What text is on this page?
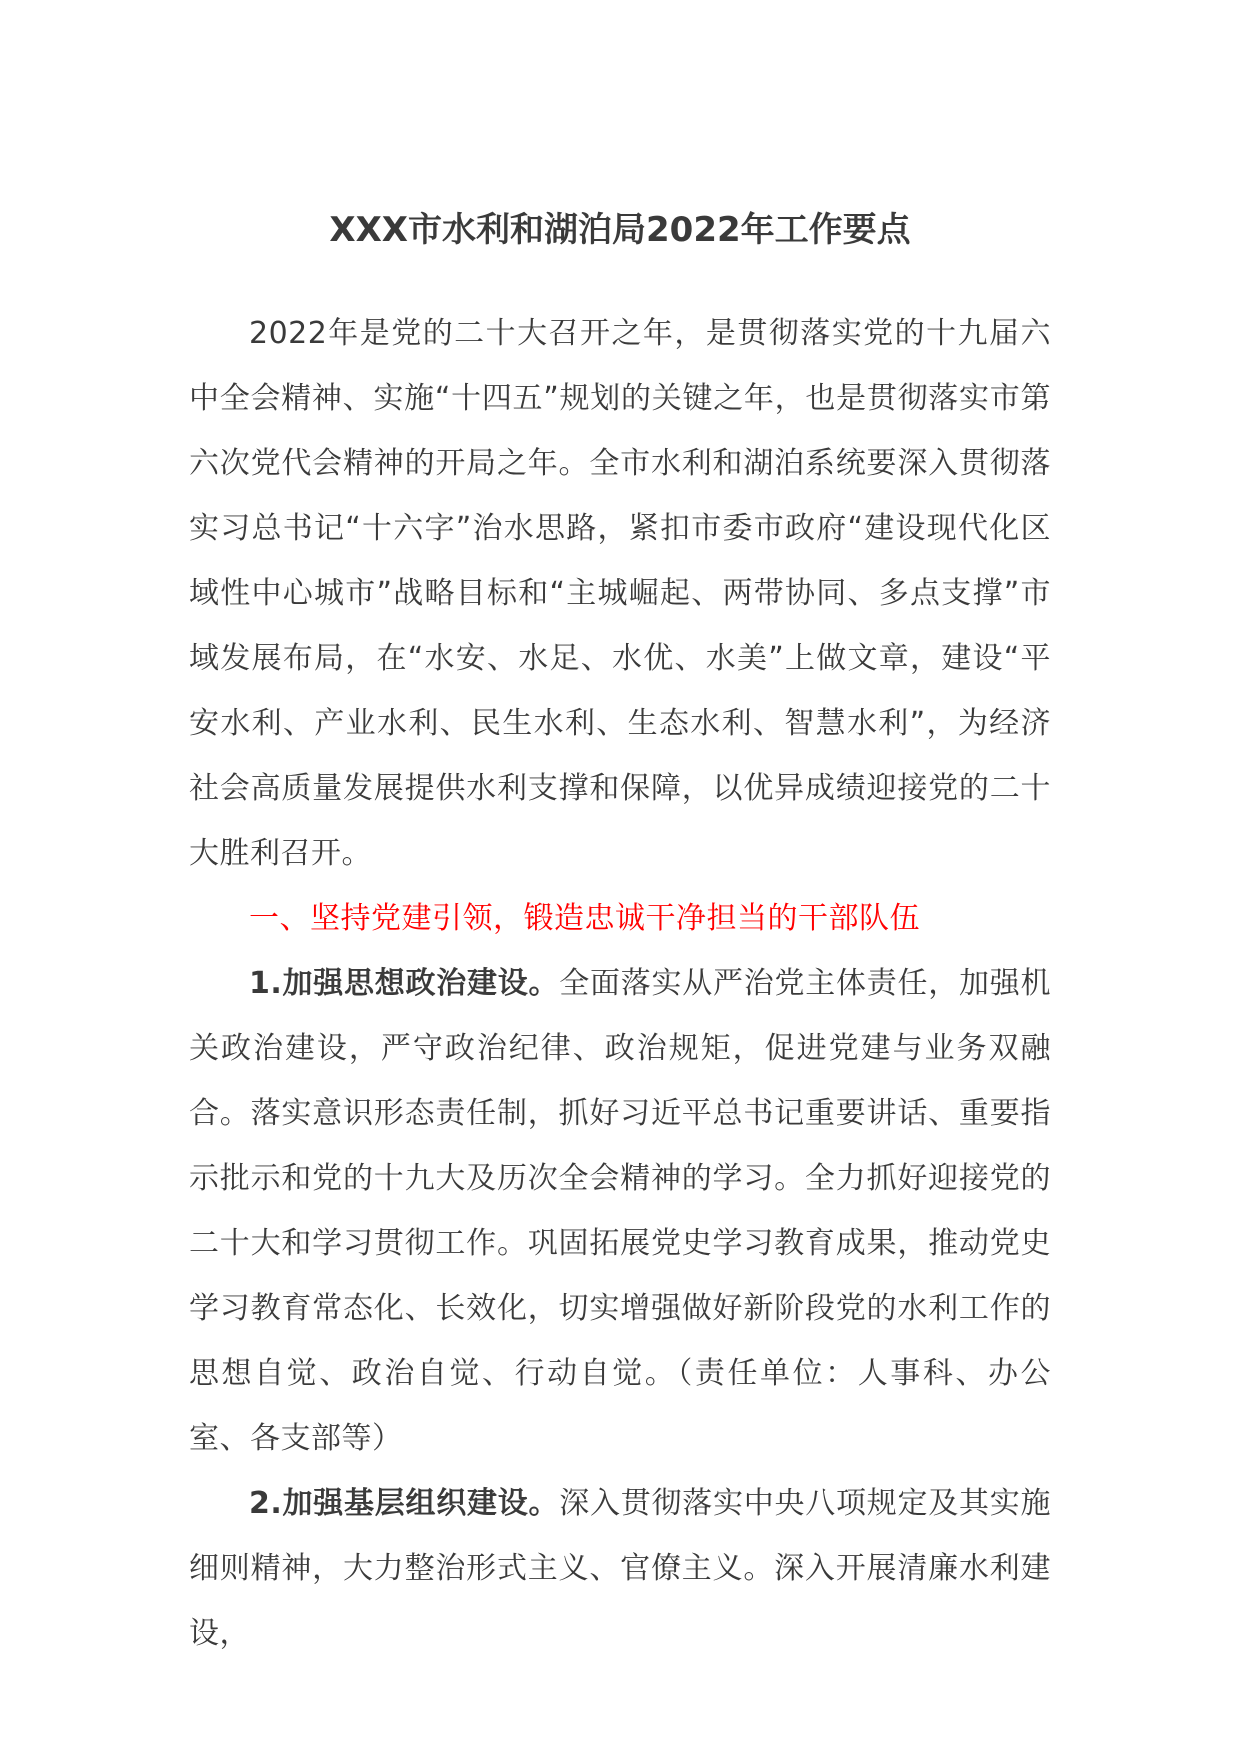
XXX市水利和湖泊局2022年工作要点

2022年是党的二十大召开之年，是贯彻落实党的十九届六中全会精神、实施“十四五”规划的关键之年，也是贯彻落实市第六次党代会精神的开局之年。全市水利和湖泊系统要深入贯彻落实习总书记“十六字”治水思路，紧扣市委市政府“建设现代化区域性中心城市”战略目标和“主城崛起、两带协同、多点支撑”市域发展布局，在“水安、水足、水优、水美”上做文章，建设“平安水利、产业水利、民生水利、生态水利、智慧水利”，为经济社会高质量发展提供水利支撑和保障，以优异成绩迎接党的二十大胜利召开。

一、坚持党建引领，锻造忠诚干净担当的干部队伍

1.加强思想政治建设。全面落实从严治党主体责任，加强机关政治建设，严守政治纪律、政治规矩，促进党建与业务双融合。落实意识形态责任制，抓好习近平总书记重要讲话、重要指示批示和党的十九大及历次全会精神的学习。全力抓好迎接党的二十大和学习贯彻工作。巩固拓展党史学习教育成果，推动党史学习教育常态化、长效化，切实增强做好新阶段党的水利工作的思想自觉、政治自觉、行动自觉。（责任单位：人事科、办公室、各支部等）

2.加强基层组织建设。深入贯彻落实中央八项规定及其实施细则精神，大力整治形式主义、官僚主义。深入开展清廉水利建设，
